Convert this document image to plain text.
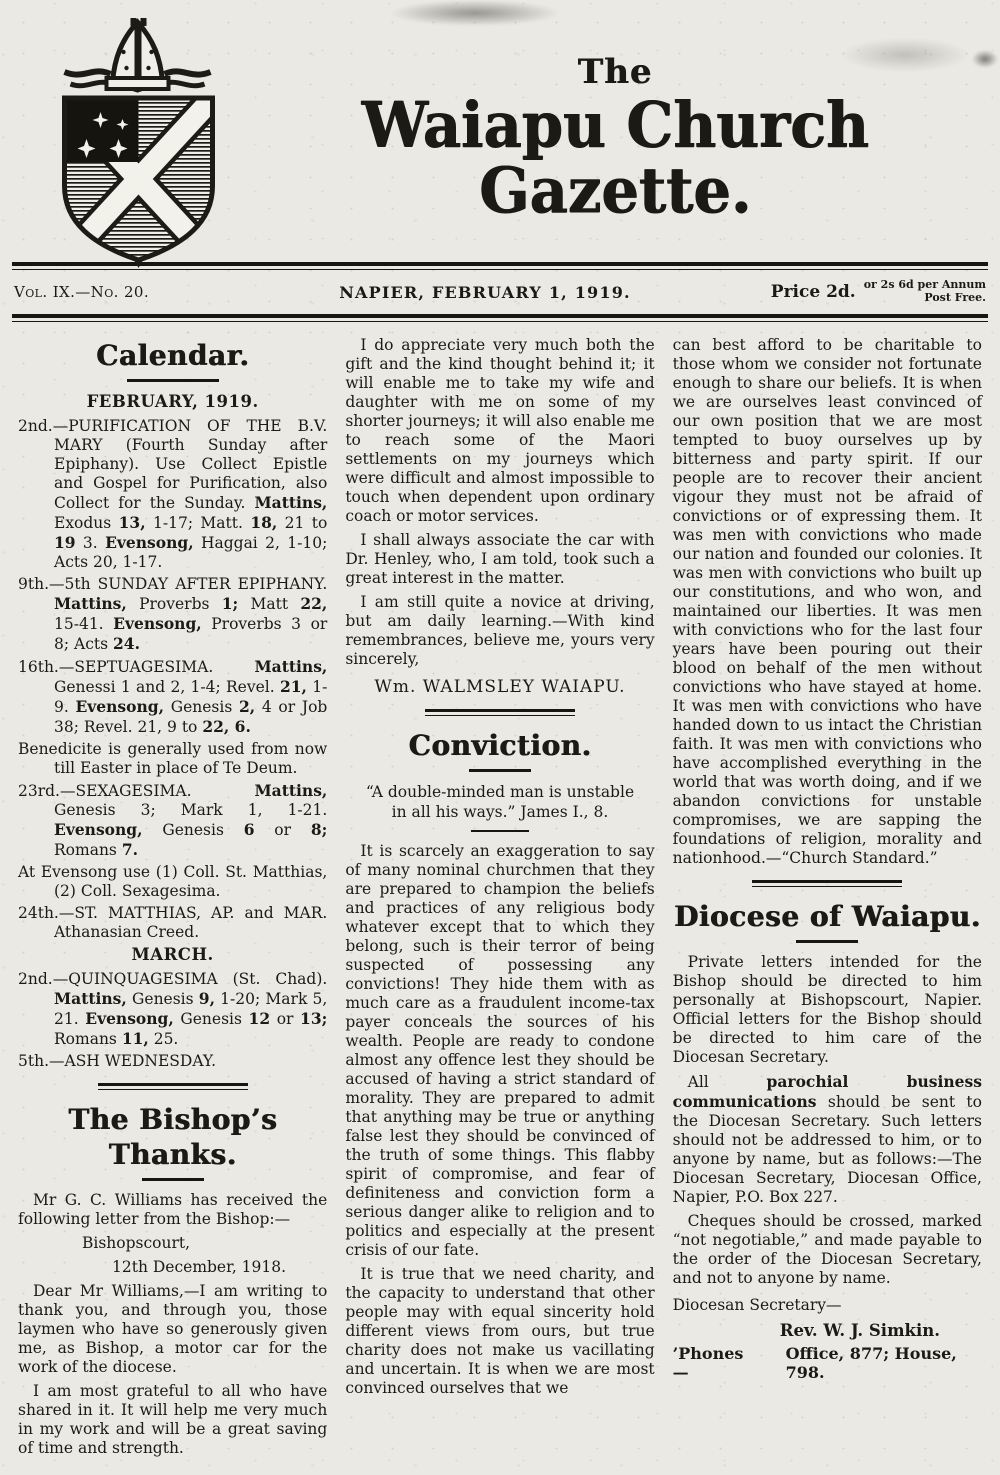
The
Waiapu Church Gazette.
Vol. IX.—No. 20.	NAPIER, FEBRUARY 1, 1919.	Price 2d. or 2s 6d per Annum
Post Free.
Calendar.
FEBRUARY, 1919.

2nd.—PURIFICATION OF THE B.V. MARY (Fourth Sunday after Epiphany). Use Collect Epistle and Gospel for Purification, also Collect for the Sunday. Mattins, Exodus 13, 1-17; Matt. 18, 21 to 19 3. Evensong, Haggai 2, 1-10; Acts 20, 1-17.

9th.—5th SUNDAY AFTER EPIPHANY. Mattins, Proverbs 1; Matt 22, 15-41. Evensong, Proverbs 3 or 8; Acts 24.

16th.—SEPTUAGESIMA. Mattins, Genessi 1 and 2, 1-4; Revel. 21, 1-9. Evensong, Genesis 2, 4 or Job 38; Revel. 21, 9 to 22, 6.

Benedicite is generally used from now till Easter in place of Te Deum.

23rd.—SEXAGESIMA. Mattins, Genesis 3; Mark 1, 1-21. Evensong, Genesis 6 or 8; Romans 7.

At Evensong use (1) Coll. St. Matthias, (2) Coll. Sexagesima.

24th.—ST. MATTHIAS, AP. and MAR. Athanasian Creed.

MARCH.

2nd.—QUINQUAGESIMA (St. Chad). Mattins, Genesis 9, 1-20; Mark 5, 21. Evensong, Genesis 12 or 13; Romans 11, 25.

5th.—ASH WEDNESDAY.

The Bishop’s Thanks.

Mr G. C. Williams has received the following letter from the Bishop:—

Bishopscourt,

12th December, 1918.

Dear Mr Williams,—I am writing to thank you, and through you, those laymen who have so generously given me, as Bishop, a motor car for the work of the diocese.

I am most grateful to all who have shared in it. It will help me very much in my work and will be a great saving of time and strength.

I do appreciate very much both the gift and the kind thought behind it; it will enable me to take my wife and daughter with me on some of my shorter journeys; it will also enable me to reach some of the Maori settlements on my journeys which were difficult and almost impossible to touch when dependent upon ordinary coach or motor services.

I shall always associate the car with Dr. Henley, who, I am told, took such a great interest in the matter.

I am still quite a novice at driving, but am daily learning.—With kind remembrances, believe me, yours very sincerely,

Wm. WALMSLEY WAIAPU.
Conviction.

“A double-minded man is unstable in all his ways.” James I., 8.

It is scarcely an exaggeration to say of many nominal churchmen that they are prepared to champion the beliefs and practices of any religious body whatever except that to which they belong, such is their terror of being suspected of possessing any convictions! They hide them with as much care as a fraudulent income-tax payer conceals the sources of his wealth. People are ready to condone almost any offence lest they should be accused of having a strict standard of morality. They are prepared to admit that anything may be true or anything false lest they should be convinced of the truth of some things. This flabby spirit of compromise, and fear of definiteness and conviction form a serious danger alike to religion and to politics and especially at the present crisis of our fate.

It is true that we need charity, and the capacity to understand that other people may with equal sincerity hold different views from ours, but true charity does not make us vacillating and uncertain. It is when we are most convinced ourselves that we

can best afford to be charitable to those whom we consider not fortunate enough to share our beliefs. It is when we are ourselves least convinced of our own position that we are most tempted to buoy ourselves up by bitterness and party spirit. If our people are to recover their ancient vigour they must not be afraid of convictions or of expressing them. It was men with convictions who made our nation and founded our colonies. It was men with convictions who built up our constitutions, and who won, and maintained our liberties. It was men with convictions who for the last four years have been pouring out their blood on behalf of the men without convictions who have stayed at home. It was men with convictions who have handed down to us intact the Christian faith. It was men with convictions who have accomplished everything in the world that was worth doing, and if we abandon convictions for unstable compromises, we are sapping the foundations of religion, morality and nationhood.—“Church Standard.”

Diocese of Waiapu.

Private letters intended for the Bishop should be directed to him personally at Bishopscourt, Napier. Official letters for the Bishop should be directed to him care of the Diocesan Secretary.

All parochial business communications should be sent to the Diocesan Secretary. Such letters should not be addressed to him, or to anyone by name, but as follows:—The Diocesan Secretary, Diocesan Office, Napier, P.O. Box 227.

Cheques should be crossed, marked “not negotiable,” and made payable to the order of the Diocesan Secretary, and not to anyone by name.

Diocesan Secretary—

Rev. W. J. Simkin.
’Phones—
Office, 877; House, 798.
